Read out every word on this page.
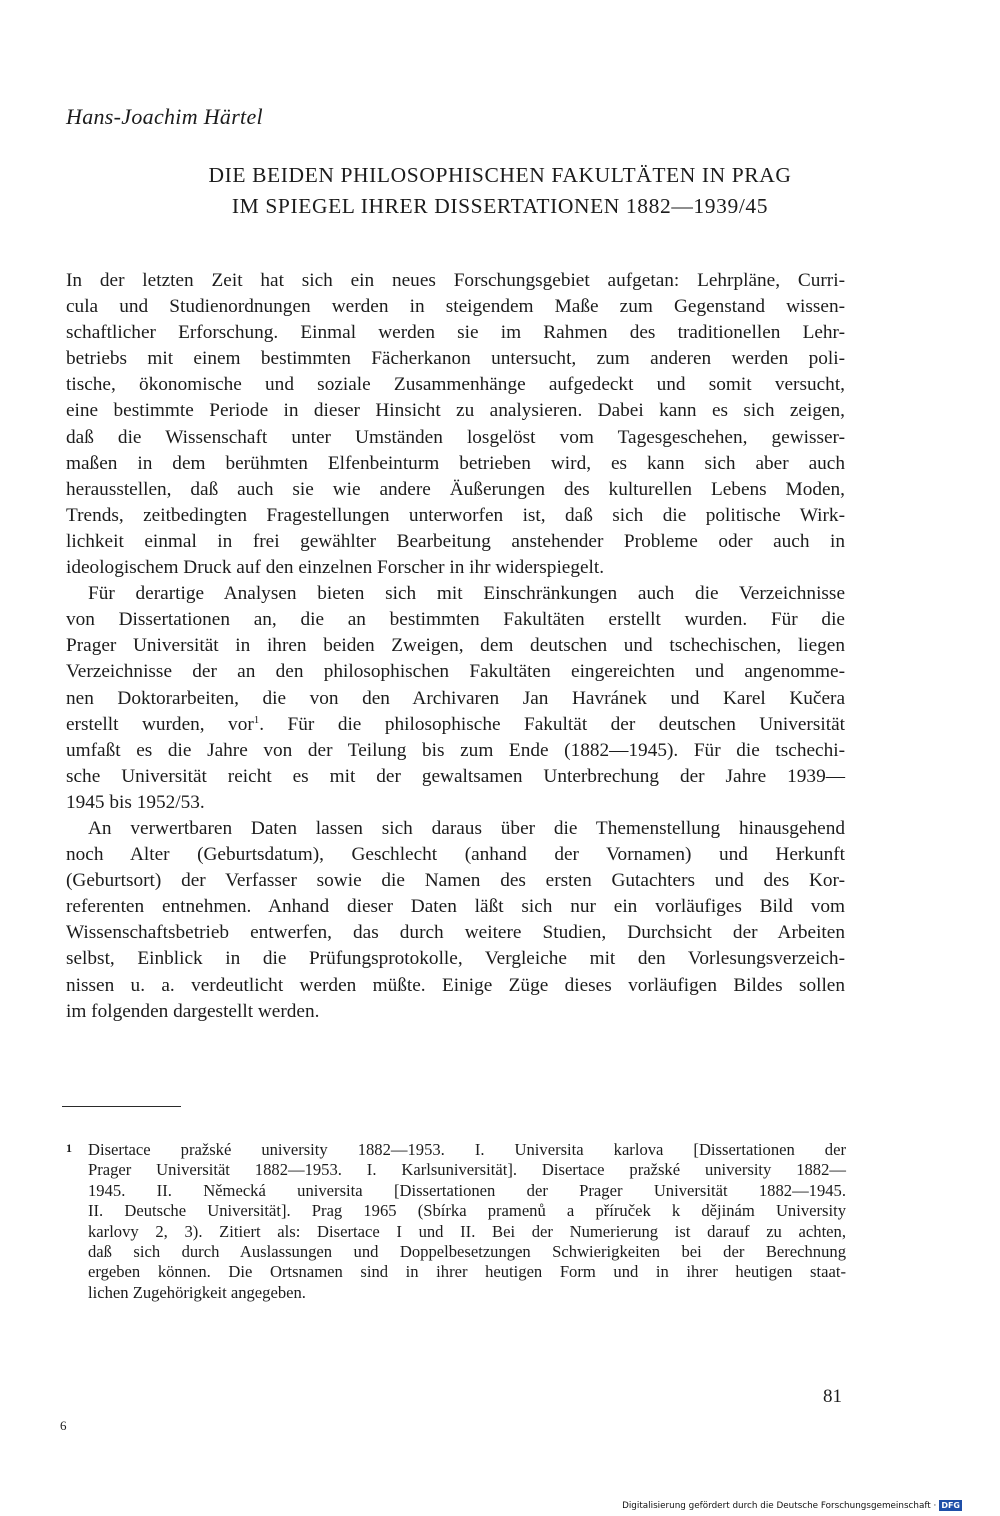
Hans-Joachim Härtel
DIE BEIDEN PHILOSOPHISCHEN FAKULTÄTEN IN PRAG
IM SPIEGEL IHRER DISSERTATIONEN 1882—1939/45
In der letzten Zeit hat sich ein neues Forschungsgebiet aufgetan: Lehrpläne, Curri-
cula und Studienordnungen werden in steigendem Maße zum Gegenstand wissen-
schaftlicher Erforschung. Einmal werden sie im Rahmen des traditionellen Lehr-
betriebs mit einem bestimmten Fächerkanon untersucht, zum anderen werden poli-
tische, ökonomische und soziale Zusammenhänge aufgedeckt und somit versucht,
eine bestimmte Periode in dieser Hinsicht zu analysieren. Dabei kann es sich zeigen,
daß die Wissenschaft unter Umständen losgelöst vom Tagesgeschehen, gewisser-
maßen in dem berühmten Elfenbeinturm betrieben wird, es kann sich aber auch
herausstellen, daß auch sie wie andere Äußerungen des kulturellen Lebens Moden,
Trends, zeitbedingten Fragestellungen unterworfen ist, daß sich die politische Wirk-
lichkeit einmal in frei gewählter Bearbeitung anstehender Probleme oder auch in
ideologischem Druck auf den einzelnen Forscher in ihr widerspiegelt.
Für derartige Analysen bieten sich mit Einschränkungen auch die Verzeichnisse
von Dissertationen an, die an bestimmten Fakultäten erstellt wurden. Für die
Prager Universität in ihren beiden Zweigen, dem deutschen und tschechischen, liegen
Verzeichnisse der an den philosophischen Fakultäten eingereichten und angenomme-
nen Doktorarbeiten, die von den Archivaren Jan Havránek und Karel Kučera
erstellt wurden, vor$^1$. Für die philosophische Fakultät der deutschen Universität
umfaßt es die Jahre von der Teilung bis zum Ende (1882—1945). Für die tschechi-
sche Universität reicht es mit der gewaltsamen Unterbrechung der Jahre 1939—
1945 bis 1952/53.
An verwertbaren Daten lassen sich daraus über die Themenstellung hinausgehend
noch Alter (Geburtsdatum), Geschlecht (anhand der Vornamen) und Herkunft
(Geburtsort) der Verfasser sowie die Namen des ersten Gutachters und des Kor-
referenten entnehmen. Anhand dieser Daten läßt sich nur ein vorläufiges Bild vom
Wissenschaftsbetrieb entwerfen, das durch weitere Studien, Durchsicht der Arbeiten
selbst, Einblick in die Prüfungsprotokolle, Vergleiche mit den Vorlesungsverzeich-
nissen u. a. verdeutlicht werden müßte. Einige Züge dieses vorläufigen Bildes sollen
im folgenden dargestellt werden.
1 Disertace pražské university 1882—1953. I. Universita karlova [Dissertationen der
Prager Universität 1882—1953. I. Karlsuniversität]. Disertace pražské university 1882—
1945. II. Německá universita [Dissertationen der Prager Universität 1882—1945.
II. Deutsche Universität]. Prag 1965 (Sbírka pramenů a příruček k dějinám University
karlovy 2, 3). Zitiert als: Disertace I und II. Bei der Numerierung ist darauf zu achten,
daß sich durch Auslassungen und Doppelbesetzungen Schwierigkeiten bei der Berechnung
ergeben können. Die Ortsnamen sind in ihrer heutigen Form und in ihrer heutigen staat-
lichen Zugehörigkeit angegeben.
81
6
Digitalisierung gefördert durch die Deutsche Forschungsgemeinschaft · DFG
